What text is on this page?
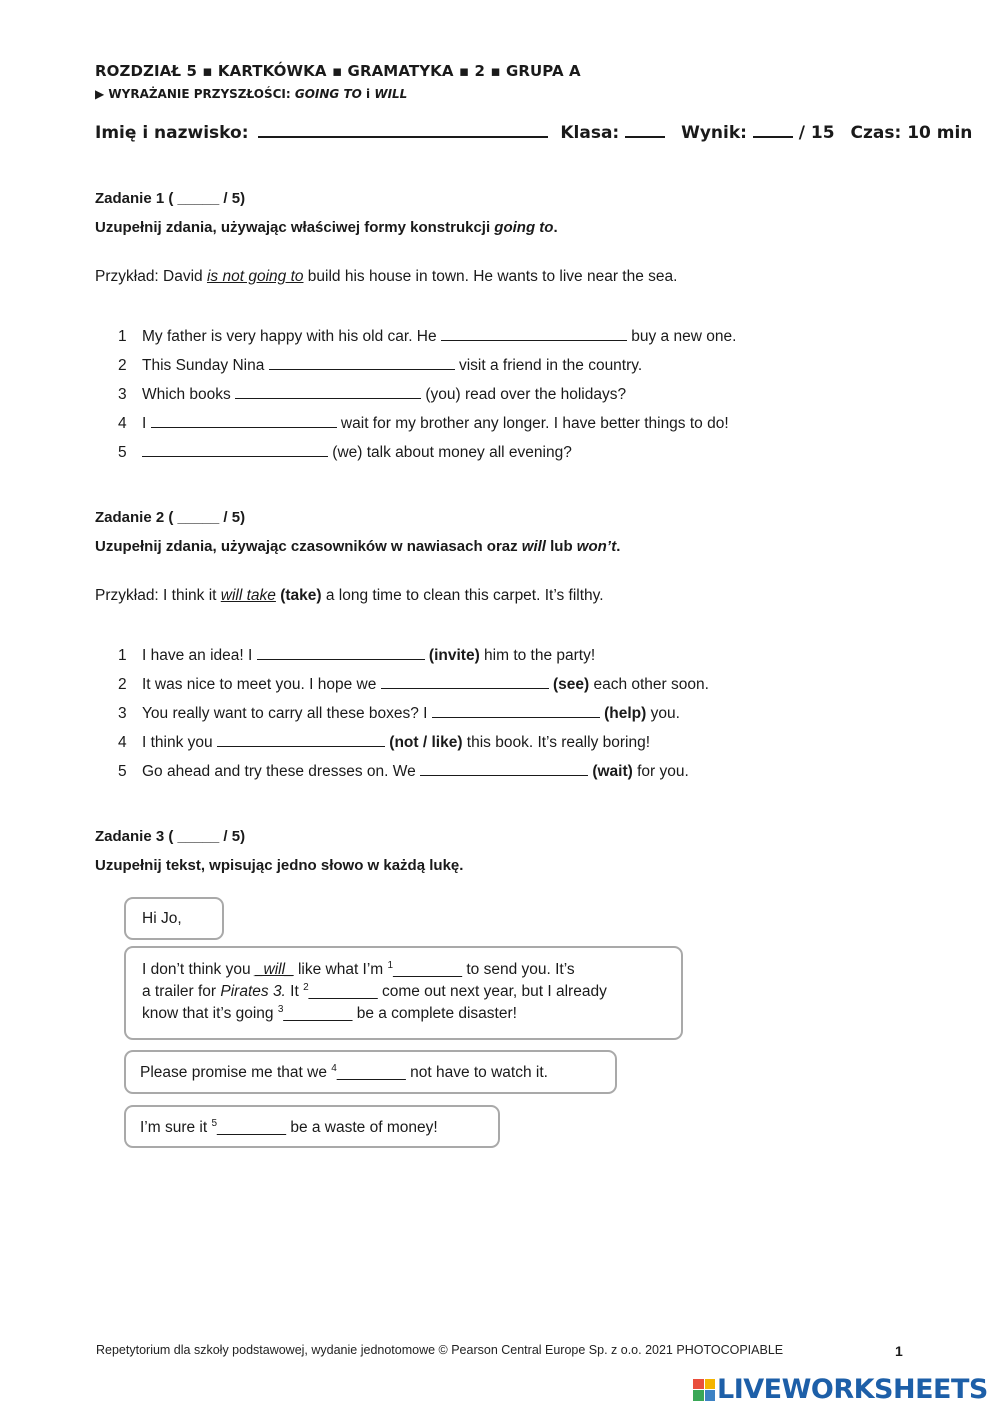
ROZDZIAŁ 5 ▪ KARTKÓWKA ▪ GRAMATYKA ▪ 2 ▪ GRUPA A
▶ WYRAŻANIE PRZYSZŁOŚCI: GOING TO i WILL
Imię i nazwisko:	Klasa:	Wynik:	/ 15 Czas: 10 min
Zadanie 1 ( _____ / 5)
Uzupełnij zdania, używając właściwej formy konstrukcji going to.
Przykład: David is not going to build his house in town. He wants to live near the sea.
1 My father is very happy with his old car. He	buy a new one.
2 This Sunday Nina	visit a friend in the country.
3 Which books	(you) read over the holidays?
4 I	wait for my brother any longer. I have better things to do!
5	(we) talk about money all evening?
Zadanie 2 ( _____ / 5)
Uzupełnij zdania, używając czasowników w nawiasach oraz will lub won’t.
Przykład: I think it will take (take) a long time to clean this carpet. It’s filthy.
1 I have an idea! I	(invite) him to the party!
2 It was nice to meet you. I hope we	(see) each other soon.
3 You really want to carry all these boxes? I	(help) you.
4 I think you	(not / like) this book. It’s really boring!
5 Go ahead and try these dresses on. We	(wait) for you.
Zadanie 3 ( _____ / 5)
Uzupełnij tekst, wpisując jedno słowo w każdą lukę.
Hi Jo,
I don’t think you _will_ like what I’m $^1$________ to send you. It’s
a trailer for Pirates 3. It $^2$________ come out next year, but I already
know that it’s going $^3$________ be a complete disaster!
Please promise me that we $^4$________ not have to watch it.
I’m sure it $^5$________ be a waste of money!
Repetytorium dla szkoły podstawowej, wydanie jednotomowe © Pearson Central Europe Sp. z o.o. 2021 PHOTOCOPIABLE	1
LIVEWORKSHEETS
